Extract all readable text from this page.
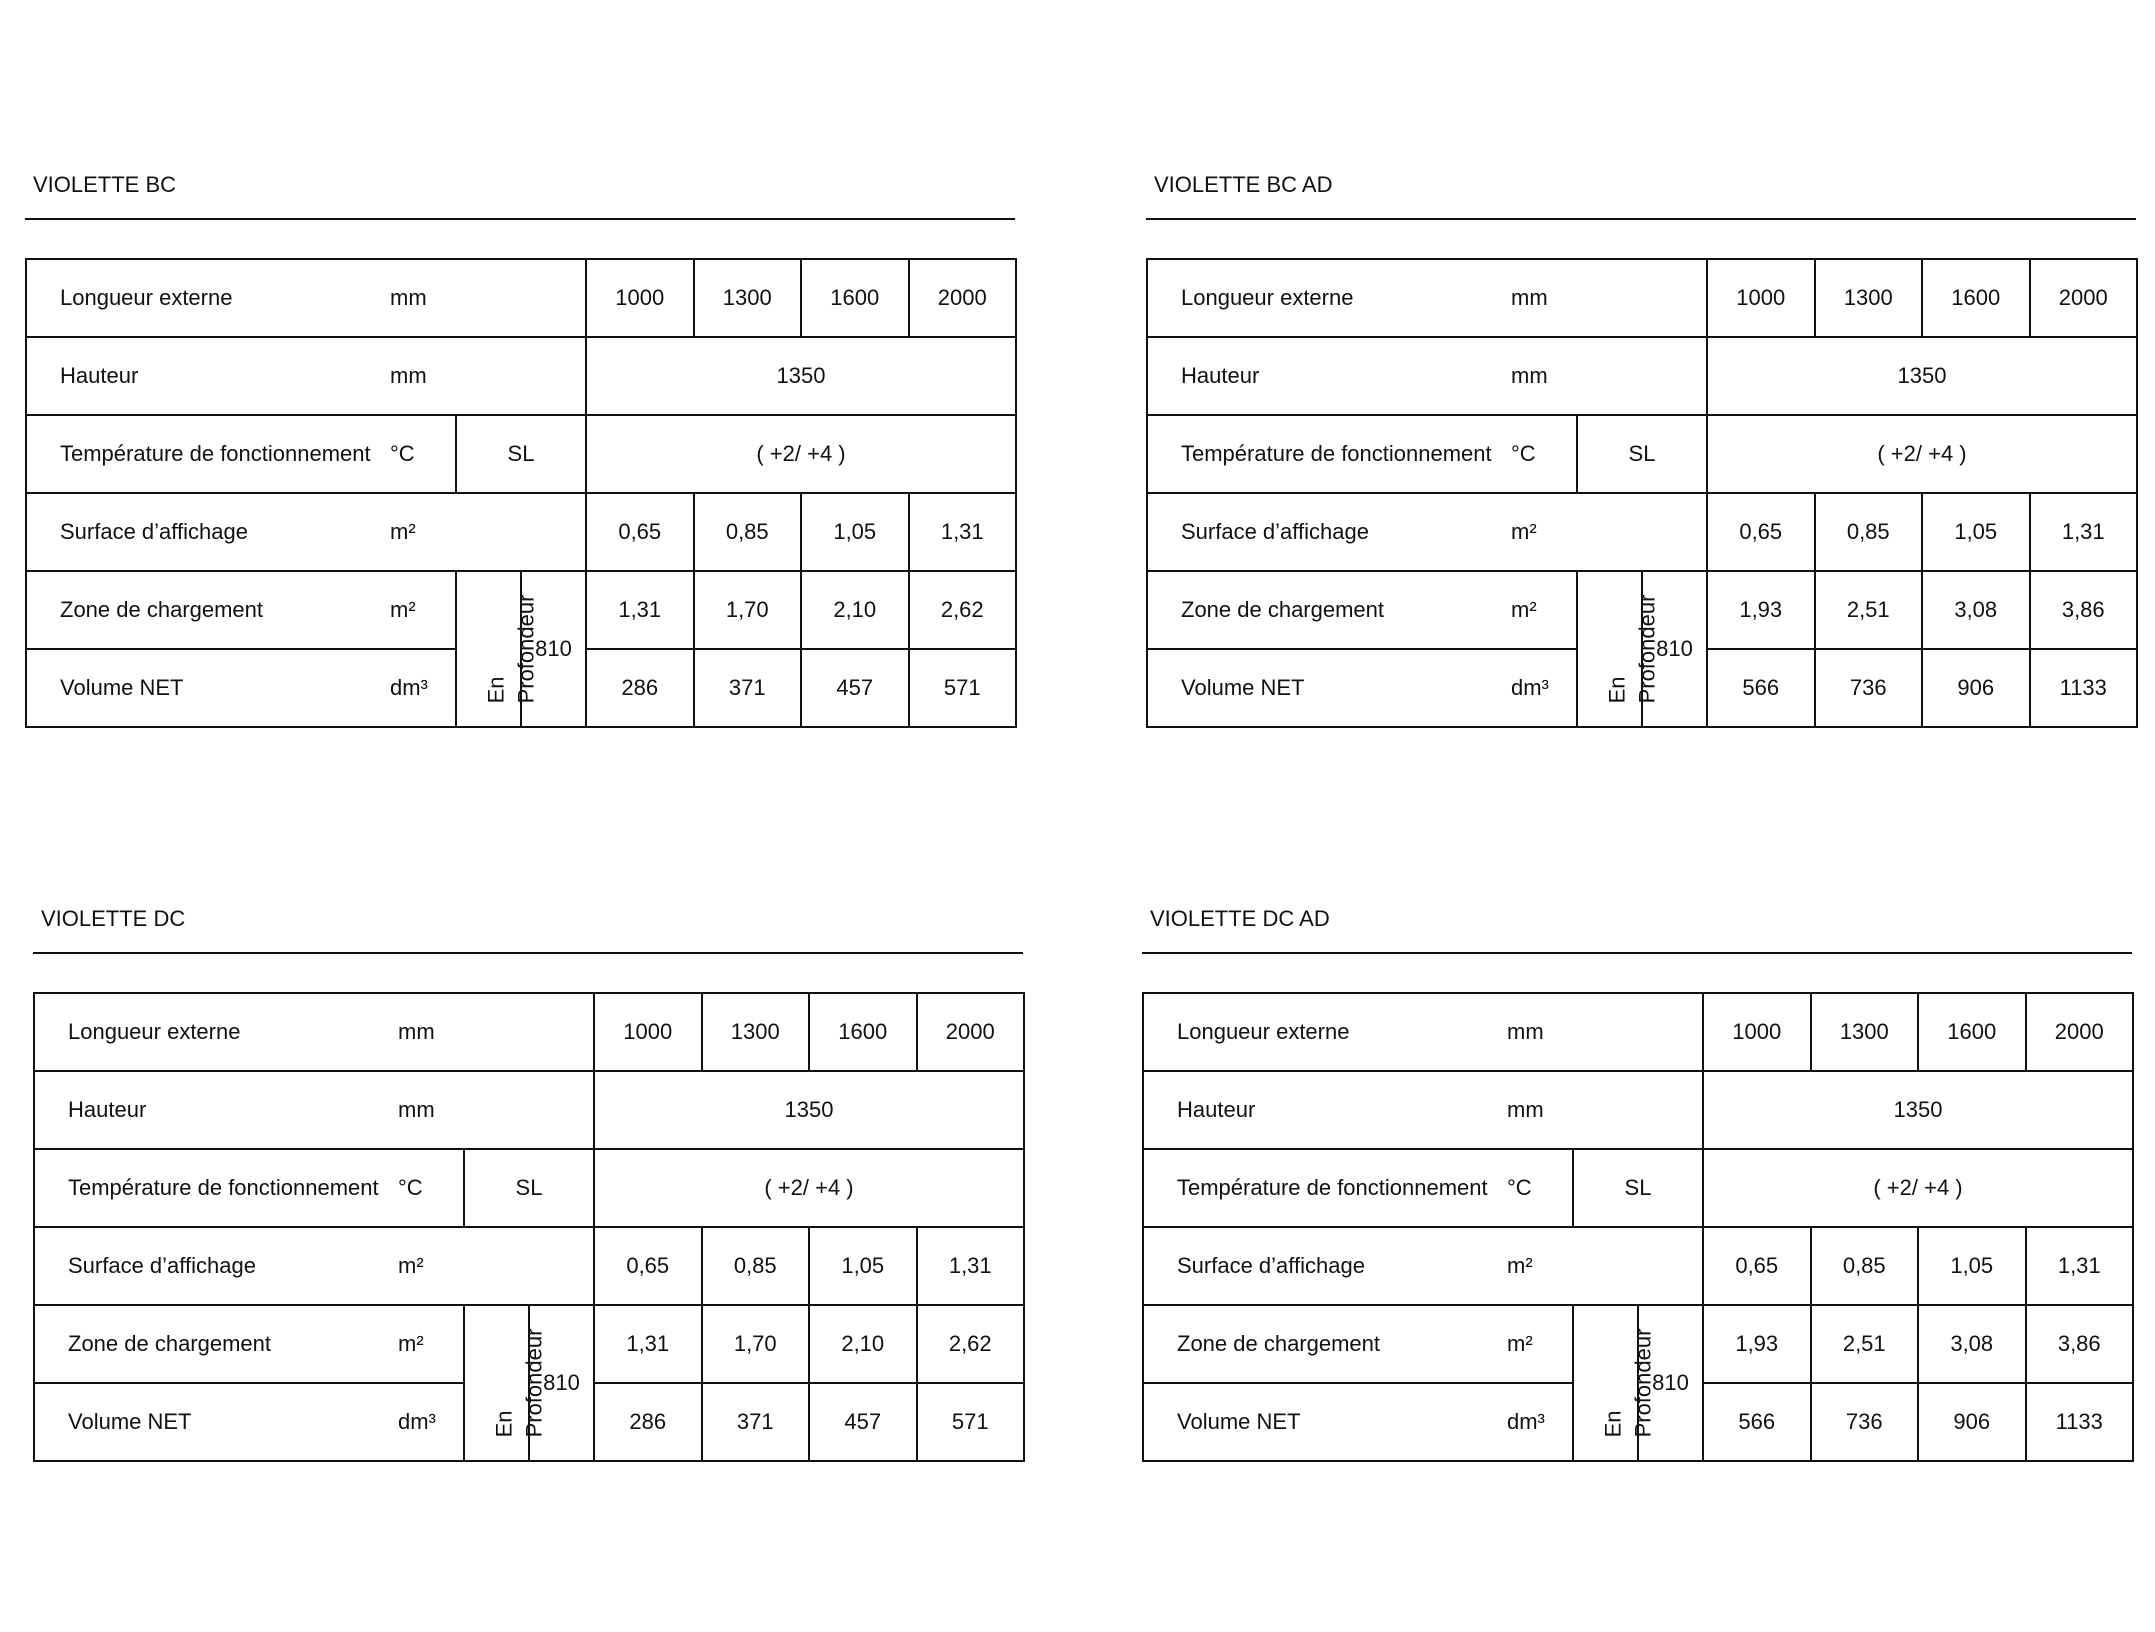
VIOLETTE BC
Longueur externe	mm			1000	1300	1600	2000
Hauteur	mm			1350			
Température de fonctionnement	°C	SL		( +2/ +4 )			
Surface d’affichage	m²			0,65	0,85	1,05	1,31
Zone de chargement	m²	En Profondeur	810	1,31	1,70	2,10	2,62
Volume NET	dm³			286	371	457	571
VIOLETTE BC AD
Longueur externe	mm			1000	1300	1600	2000
Hauteur	mm			1350			
Température de fonctionnement	°C	SL		( +2/ +4 )			
Surface d’affichage	m²			0,65	0,85	1,05	1,31
Zone de chargement	m²	En Profondeur	810	1,93	2,51	3,08	3,86
Volume NET	dm³			566	736	906	1133
VIOLETTE DC
Longueur externe	mm			1000	1300	1600	2000
Hauteur	mm			1350			
Température de fonctionnement	°C	SL		( +2/ +4 )			
Surface d’affichage	m²			0,65	0,85	1,05	1,31
Zone de chargement	m²	En Profondeur	810	1,31	1,70	2,10	2,62
Volume NET	dm³			286	371	457	571
VIOLETTE DC AD
Longueur externe	mm			1000	1300	1600	2000
Hauteur	mm			1350			
Température de fonctionnement	°C	SL		( +2/ +4 )			
Surface d’affichage	m²			0,65	0,85	1,05	1,31
Zone de chargement	m²	En Profondeur	810	1,93	2,51	3,08	3,86
Volume NET	dm³			566	736	906	1133
